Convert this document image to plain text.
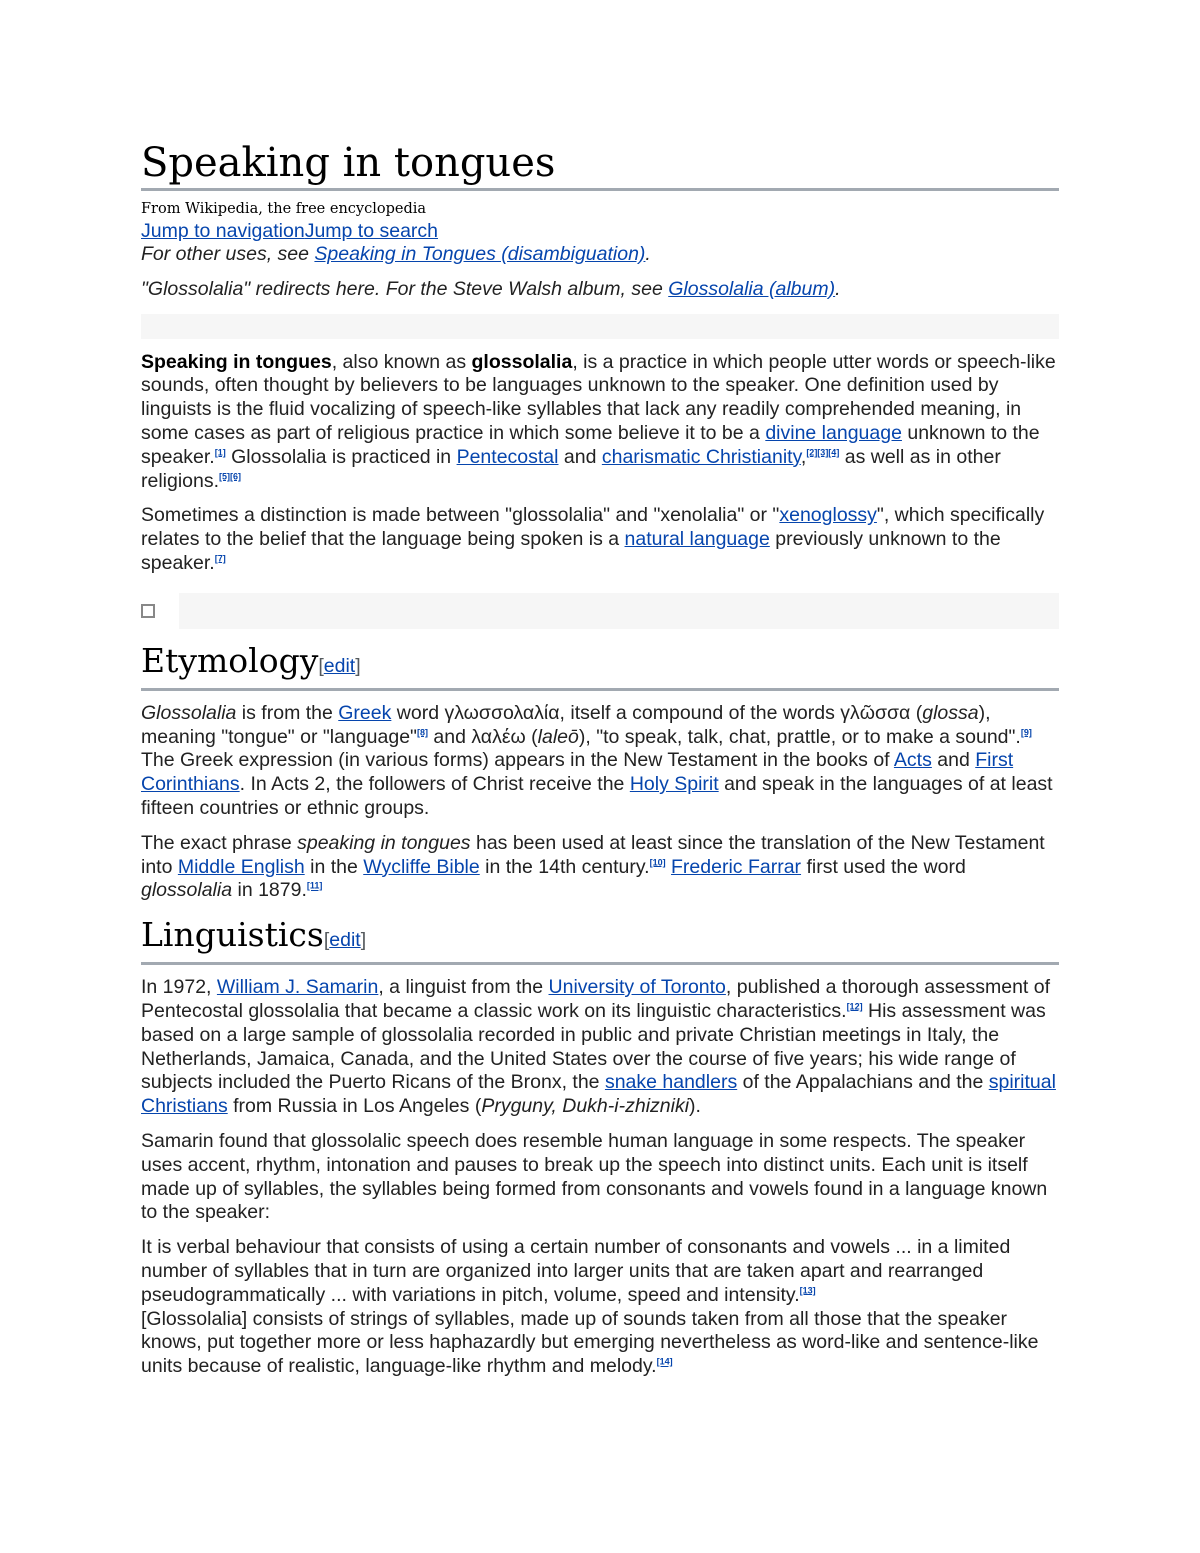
Speaking in tongues
From Wikipedia, the free encyclopedia
Jump to navigationJump to search

For other uses, see Speaking in Tongues (disambiguation).

"Glossolalia" redirects here. For the Steve Walsh album, see Glossolalia (album).

Speaking in tongues, also known as glossolalia, is a practice in which people utter words or speech-like sounds, often thought by believers to be languages unknown to the speaker. One definition used by linguists is the fluid vocalizing of speech-like syllables that lack any readily comprehended meaning, in some cases as part of religious practice in which some believe it to be a divine language unknown to the speaker.[1] Glossolalia is practiced in Pentecostal and charismatic Christianity,[2][3][4] as well as in other religions.[5][6]

Sometimes a distinction is made between "glossolalia" and "xenolalia" or "xenoglossy", which specifically relates to the belief that the language being spoken is a natural language previously unknown to the speaker.[7]

Etymology[edit]

Glossolalia is from the Greek word γλωσσολαλία, itself a compound of the words γλῶσσα (glossa), meaning "tongue" or "language"[8] and λαλέω (laleō), "to speak, talk, chat, prattle, or to make a sound".[9] The Greek expression (in various forms) appears in the New Testament in the books of Acts and First Corinthians. In Acts 2, the followers of Christ receive the Holy Spirit and speak in the languages of at least fifteen countries or ethnic groups.

The exact phrase speaking in tongues has been used at least since the translation of the New Testament into Middle English in the Wycliffe Bible in the 14th century.[10] Frederic Farrar first used the word glossolalia in 1879.[11]

Linguistics[edit]

In 1972, William J. Samarin, a linguist from the University of Toronto, published a thorough assessment of Pentecostal glossolalia that became a classic work on its linguistic characteristics.[12] His assessment was based on a large sample of glossolalia recorded in public and private Christian meetings in Italy, the Netherlands, Jamaica, Canada, and the United States over the course of five years; his wide range of subjects included the Puerto Ricans of the Bronx, the snake handlers of the Appalachians and the spiritual Christians from Russia in Los Angeles (Pryguny, Dukh-i-zhizniki).

Samarin found that glossolalic speech does resemble human language in some respects. The speaker uses accent, rhythm, intonation and pauses to break up the speech into distinct units. Each unit is itself made up of syllables, the syllables being formed from consonants and vowels found in a language known to the speaker:

It is verbal behaviour that consists of using a certain number of consonants and vowels ... in a limited number of syllables that in turn are organized into larger units that are taken apart and rearranged pseudogrammatically ... with variations in pitch, volume, speed and intensity.[13]
[Glossolalia] consists of strings of syllables, made up of sounds taken from all those that the speaker knows, put together more or less haphazardly but emerging nevertheless as word-like and sentence-like units because of realistic, language-like rhythm and melody.[14]
